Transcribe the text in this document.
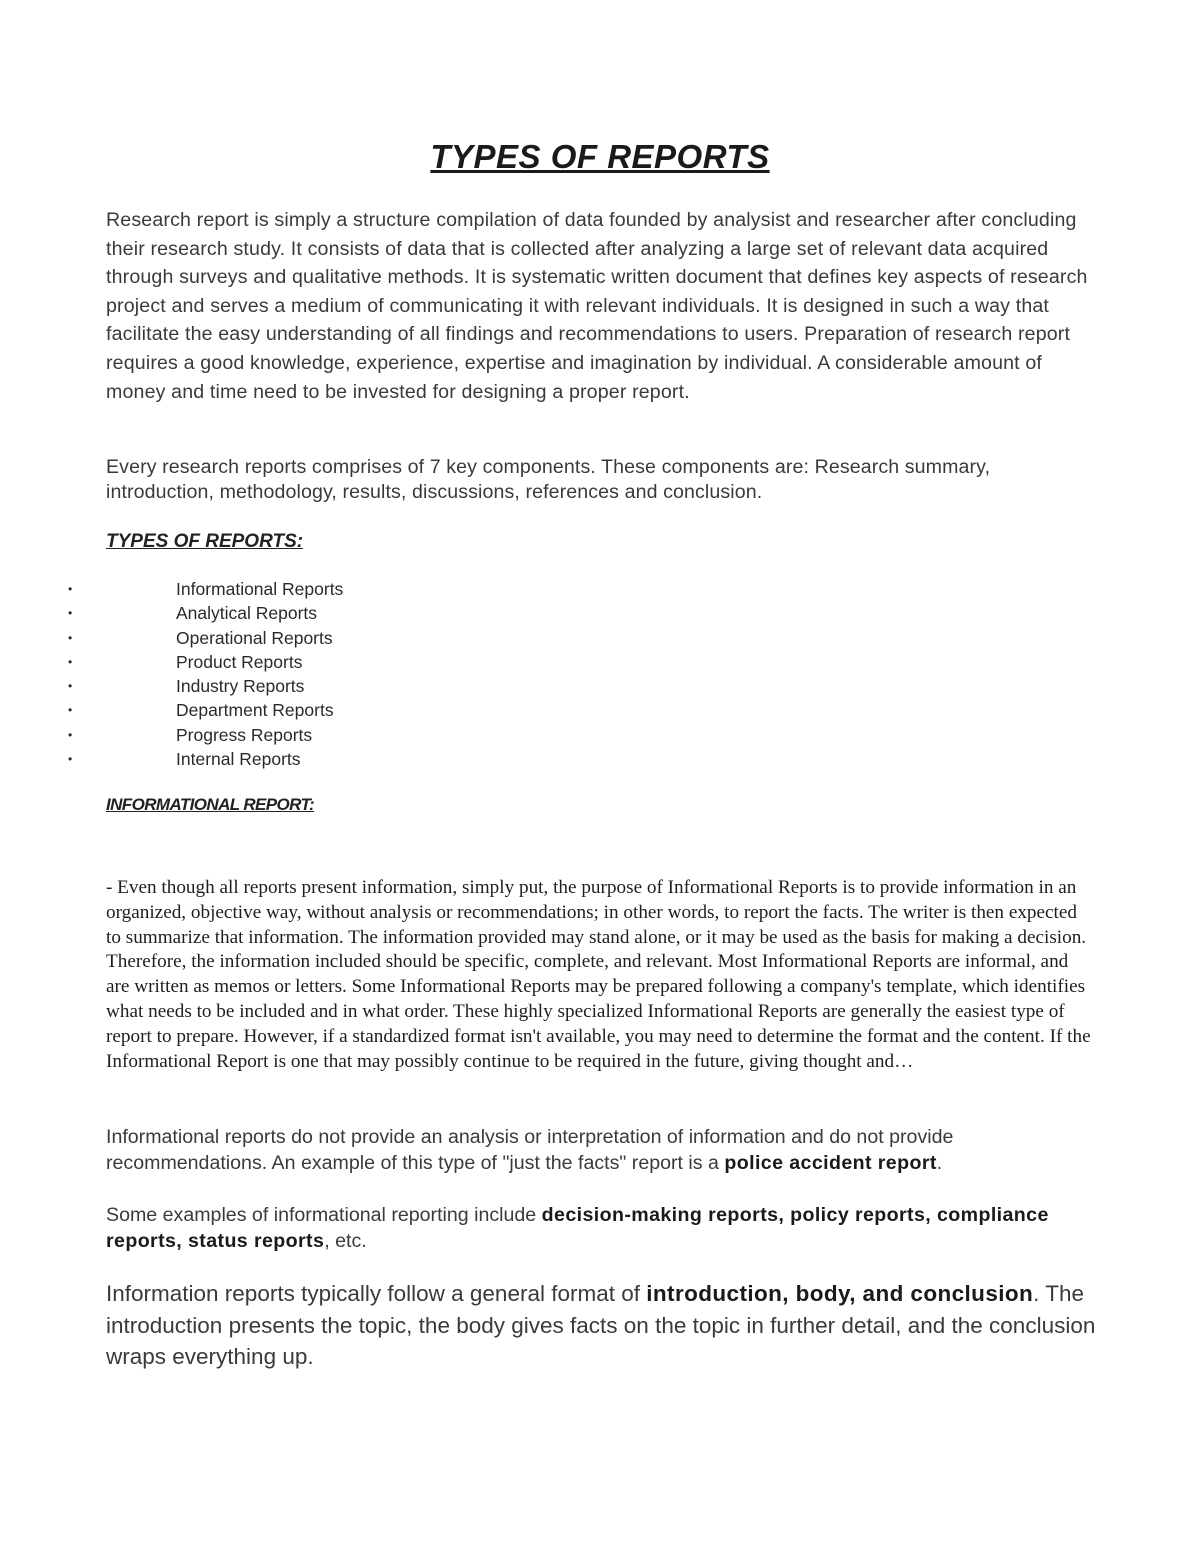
TYPES OF REPORTS

Research report is simply a structure compilation of data founded by analysist and researcher after concluding their research study. It consists of data that is collected after analyzing a large set of relevant data acquired through surveys and qualitative methods. It is systematic written document that defines key aspects of research project and serves a medium of communicating it with relevant individuals. It is designed in such a way that facilitate the easy understanding of all findings and recommendations to users. Preparation of research report requires a good knowledge, experience, expertise and imagination by individual. A considerable amount of money and time need to be invested for designing a proper report.

Every research reports comprises of 7 key components. These components are: Research summary, introduction, methodology, results, discussions, references and conclusion.

TYPES OF REPORTS:
•	Informational Reports
•	Analytical Reports
•	Operational Reports
•	Product Reports
•	Industry Reports
•	Department Reports
•	Progress Reports
•	Internal Reports
INFORMATIONAL REPORT:

- Even though all reports present information, simply put, the purpose of Informational Reports is to provide information in an organized, objective way, without analysis or recommendations; in other words, to report the facts. The writer is then expected to summarize that information. The information provided may stand alone, or it may be used as the basis for making a decision. Therefore, the information included should be specific, complete, and relevant. Most Informational Reports are informal, and are written as memos or letters. Some Informational Reports may be prepared following a company's template, which identifies what needs to be included and in what order. These highly specialized Informational Reports are generally the easiest type of report to prepare. However, if a standardized format isn't available, you may need to determine the format and the content. If the Informational Report is one that may possibly continue to be required in the future, giving thought and…

Informational reports do not provide an analysis or interpretation of information and do not provide recommendations. An example of this type of "just the facts" report is a police accident report.

Some examples of informational reporting include decision-making reports, policy reports, compliance reports, status reports, etc.

Information reports typically follow a general format of introduction, body, and conclusion. The introduction presents the topic, the body gives facts on the topic in further detail, and the conclusion wraps everything up.
